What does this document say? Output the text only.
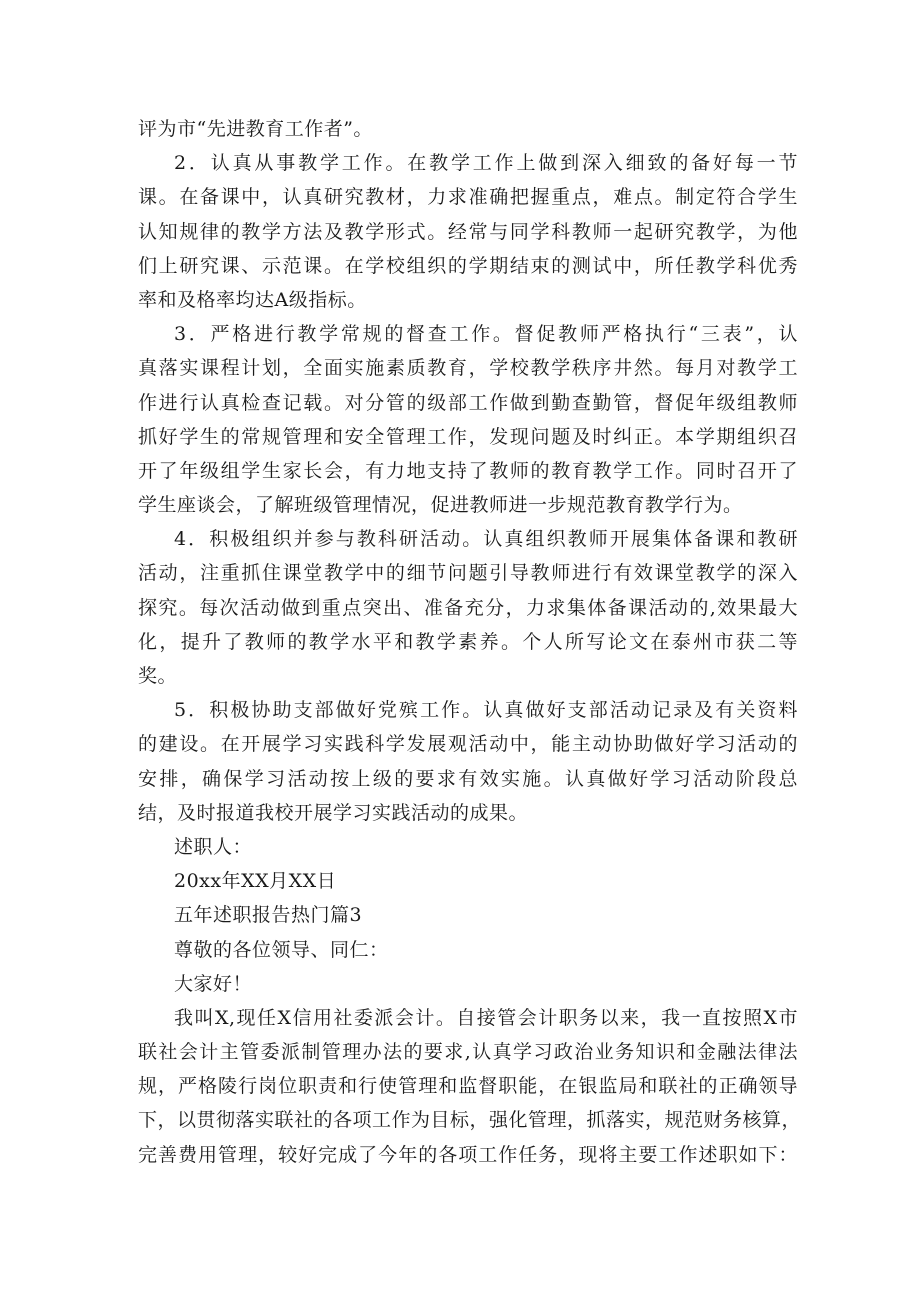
评为市“先进教育工作者”。
2．认真从事教学工作。在教学工作上做到深入细致的备好每一节
课。在备课中，认真研究教材，力求准确把握重点，难点。制定符合学生
认知规律的教学方法及教学形式。经常与同学科教师一起研究教学，为他
们上研究课、示范课。在学校组织的学期结束的测试中，所任教学科优秀
率和及格率均达A级指标。
3．严格进行教学常规的督查工作。督促教师严格执行“三表”，认
真落实课程计划，全面实施素质教育，学校教学秩序井然。每月对教学工
作进行认真检查记载。对分管的级部工作做到勤查勤管，督促年级组教师
抓好学生的常规管理和安全管理工作，发现问题及时纠正。本学期组织召
开了年级组学生家长会，有力地支持了教师的教育教学工作。同时召开了
学生座谈会，了解班级管理情况，促进教师进一步规范教育教学行为。
4．积极组织并参与教科研活动。认真组织教师开展集体备课和教研
活动，注重抓住课堂教学中的细节问题引导教师进行有效课堂教学的深入
探究。每次活动做到重点突出、准备充分，力求集体备课活动的,效果最大
化，提升了教师的教学水平和教学素养。个人所写论文在泰州市获二等
奖。
5．积极协助支部做好党殡工作。认真做好支部活动记录及有关资料
的建设。在开展学习实践科学发展观活动中，能主动协助做好学习活动的
安排，确保学习活动按上级的要求有效实施。认真做好学习活动阶段总
结，及时报道我校开展学习实践活动的成果。
述职人：
20xx年XX月XX日
五年述职报告热门篇3
尊敬的各位领导、同仁：
大家好！
我叫X,现任X信用社委派会计。自接管会计职务以来，我一直按照X市
联社会计主管委派制管理办法的要求,认真学习政治业务知识和金融法律法
规，严格陵行岗位职责和行使管理和监督职能，在银监局和联社的正确领导
下，以贯彻落实联社的各项工作为目标，强化管理，抓落实，规范财务核算，
完善费用管理，较好完成了今年的各项工作任务，现将主要工作述职如下：
